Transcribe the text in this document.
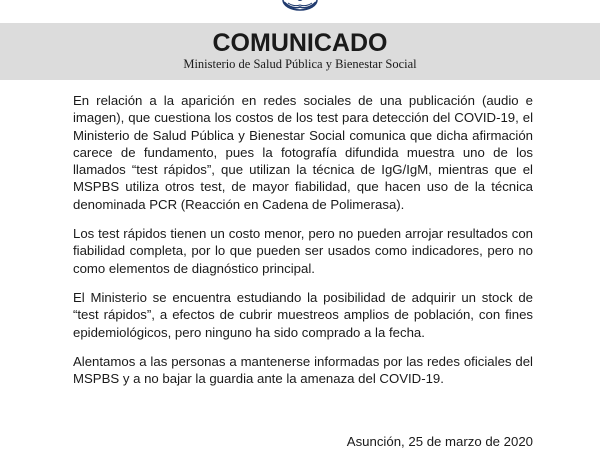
COMUNICADO

Ministerio de Salud Pública y Bienestar Social

En relación a la aparición en redes sociales de una publicación (audio e imagen), que cuestiona los costos de los test para detección del COVID-19, el Ministerio de Salud Pública y Bienestar Social comunica que dicha afirmación carece de fundamento, pues la fotografía difundida muestra uno de los llamados “test rápidos”, que utilizan la técnica de IgG/IgM, mientras que el MSPBS utiliza otros test, de mayor fiabilidad, que hacen uso de la técnica denominada PCR (Reacción en Cadena de Polimerasa).

Los test rápidos tienen un costo menor, pero no pueden arrojar resultados con fiabilidad completa, por lo que pueden ser usados como indicadores, pero no como elementos de diagnóstico principal.

El Ministerio se encuentra estudiando la posibilidad de adquirir un stock de “test rápidos”, a efectos de cubrir muestreos amplios de población, con fines epidemiológicos, pero ninguno ha sido comprado a la fecha.

Alentamos a las personas a mantenerse informadas por las redes oficiales del MSPBS y a no bajar la guardia ante la amenaza del COVID-19.

Asunción, 25 de marzo de 2020
